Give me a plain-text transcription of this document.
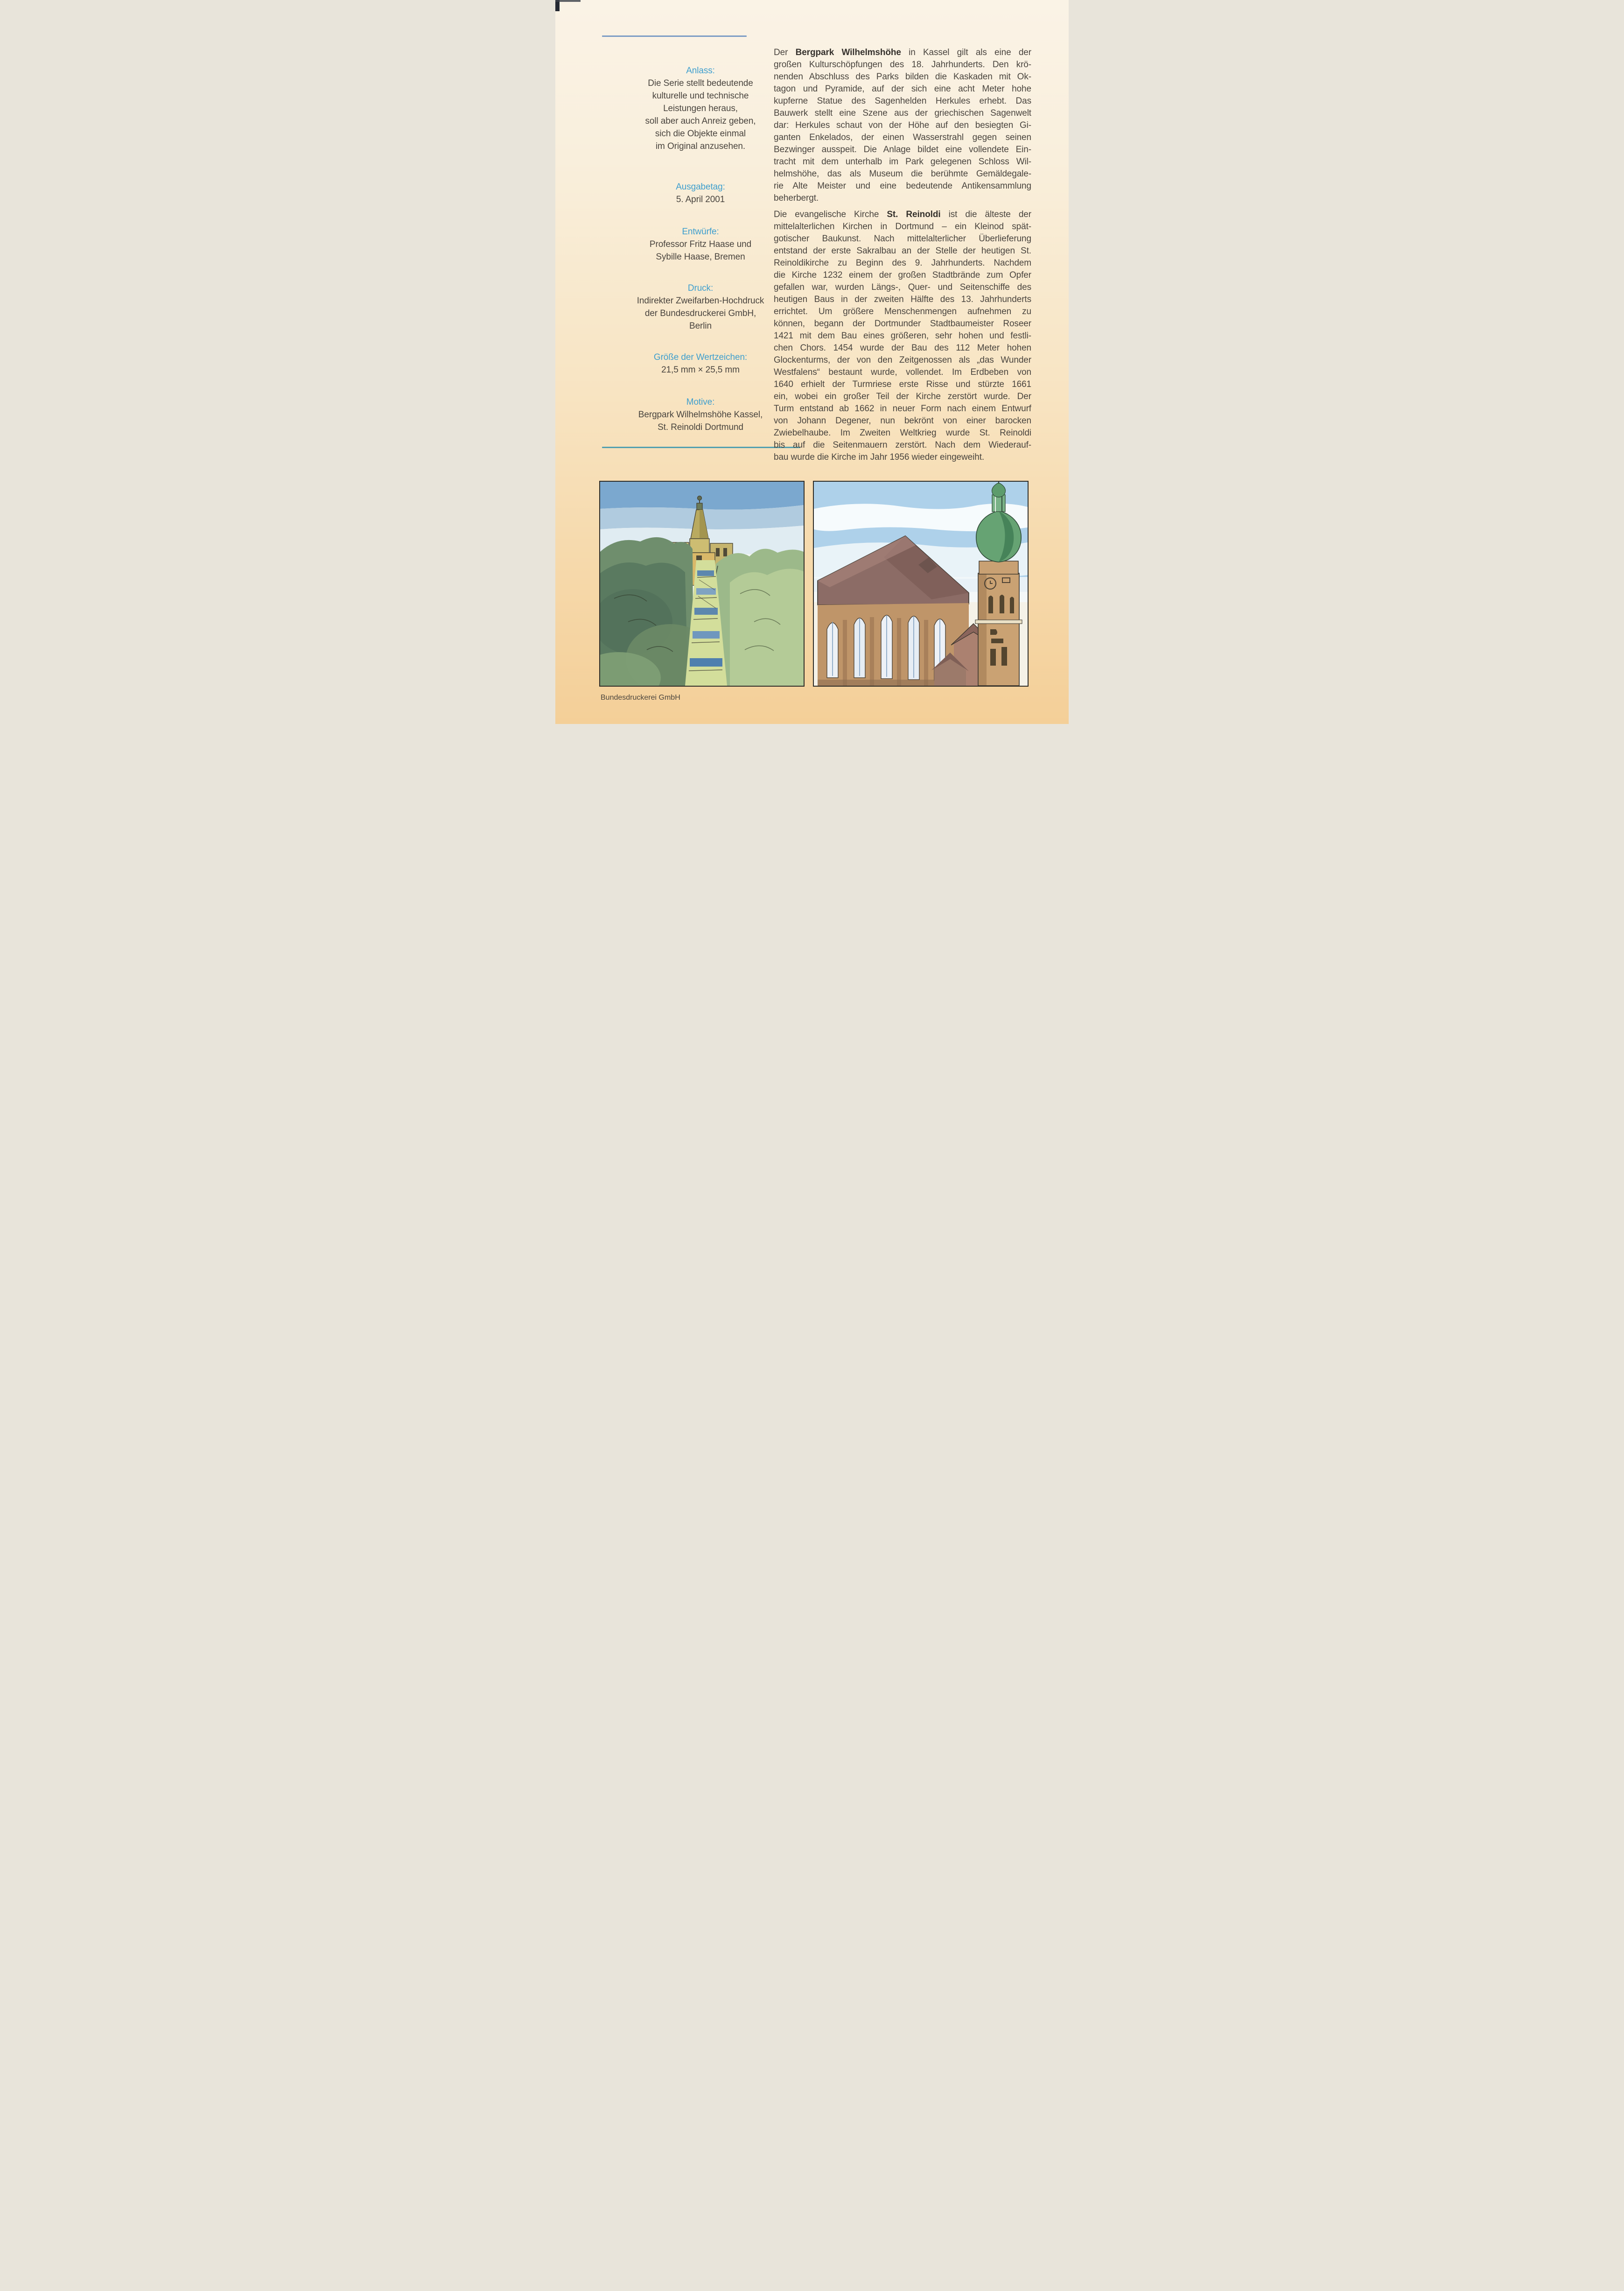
Anlass:
Die Serie stellt bedeutende
kulturelle und technische
Leistungen heraus,
soll aber auch Anreiz geben,
sich die Objekte einmal
im Original anzusehen.
Ausgabetag:
5. April 2001
Entwürfe:
Professor Fritz Haase und
Sybille Haase, Bremen
Druck:
Indirekter Zweifarben-Hochdruck
der Bundesdruckerei GmbH,
Berlin
Größe der Wertzeichen:
21,5 mm × 25,5 mm
Motive:
Bergpark Wilhelmshöhe Kassel,
St. Reinoldi Dortmund
Der Bergpark Wilhelmshöhe in Kassel gilt als eine der
großen Kulturschöpfungen des 18. Jahrhunderts. Den krö-
nenden Abschluss des Parks bilden die Kaskaden mit Ok-
tagon und Pyramide, auf der sich eine acht Meter hohe
kupferne Statue des Sagenhelden Herkules erhebt. Das
Bauwerk stellt eine Szene aus der griechischen Sagenwelt
dar: Herkules schaut von der Höhe auf den besiegten Gi-
ganten Enkelados, der einen Wasserstrahl gegen seinen
Bezwinger ausspeit. Die Anlage bildet eine vollendete Ein-
tracht mit dem unterhalb im Park gelegenen Schloss Wil-
helmshöhe, das als Museum die berühmte Gemäldegale-
rie Alte Meister und eine bedeutende Antikensammlung
beherbergt.
Die evangelische Kirche St. Reinoldi ist die älteste der
mittelalterlichen Kirchen in Dortmund – ein Kleinod spät-
gotischer Baukunst. Nach mittelalterlicher Überlieferung
entstand der erste Sakralbau an der Stelle der heutigen St.
Reinoldikirche zu Beginn des 9. Jahrhunderts. Nachdem
die Kirche 1232 einem der großen Stadtbrände zum Opfer
gefallen war, wurden Längs-, Quer- und Seitenschiffe des
heutigen Baus in der zweiten Hälfte des 13. Jahrhunderts
errichtet. Um größere Menschenmengen aufnehmen zu
können, begann der Dortmunder Stadtbaumeister Roseer
1421 mit dem Bau eines größeren, sehr hohen und festli-
chen Chors. 1454 wurde der Bau des 112 Meter hohen
Glockenturms, der von den Zeitgenossen als „das Wunder
Westfalens“ bestaunt wurde, vollendet. Im Erdbeben von
1640 erhielt der Turmriese erste Risse und stürzte 1661
ein, wobei ein großer Teil der Kirche zerstört wurde. Der
Turm entstand ab 1662 in neuer Form nach einem Entwurf
von Johann Degener, nun bekrönt von einer barocken
Zwiebelhaube. Im Zweiten Weltkrieg wurde St. Reinoldi
bis auf die Seitenmauern zerstört. Nach dem Wiederauf-
bau wurde die Kirche im Jahr 1956 wieder eingeweiht.
Bundesdruckerei GmbH
